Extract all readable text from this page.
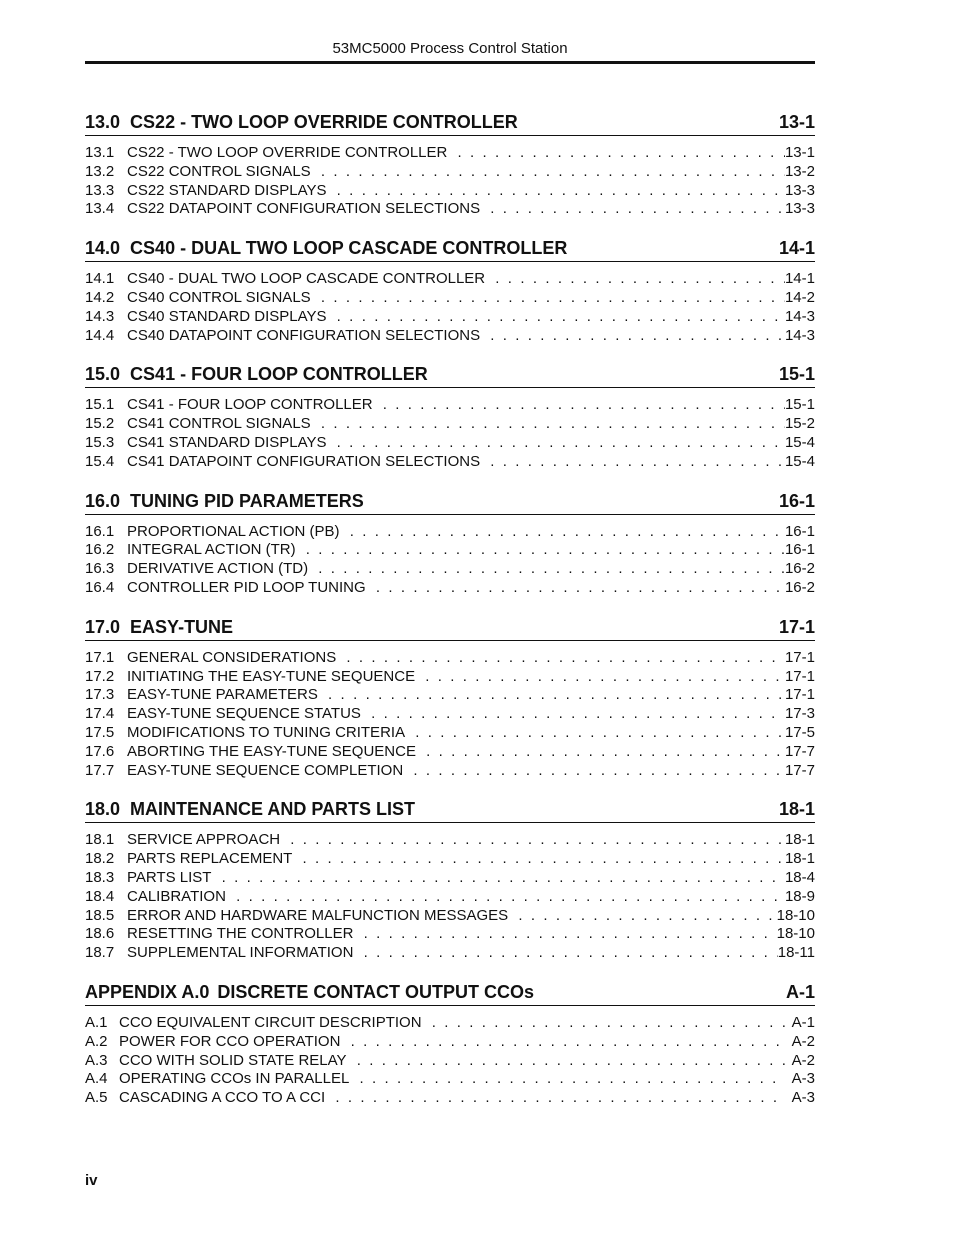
53MC5000 Process Control Station
13.0 CS22 - TWO LOOP OVERRIDE CONTROLLER	13-1
13.1 CS22 - TWO LOOP OVERRIDE CONTROLLER . .	13-1
13.2 CS22 CONTROL SIGNALS . .	13-2
13.3 CS22 STANDARD DISPLAYS . .	13-3
13.4 CS22 DATAPOINT CONFIGURATION SELECTIONS . .	13-3
14.0 CS40 - DUAL TWO LOOP CASCADE CONTROLLER	14-1
14.1 CS40 - DUAL TWO LOOP CASCADE CONTROLLER . .	14-1
14.2 CS40 CONTROL SIGNALS . .	14-2
14.3 CS40 STANDARD DISPLAYS . .	14-3
14.4 CS40 DATAPOINT CONFIGURATION SELECTIONS . .	14-3
15.0 CS41 - FOUR LOOP CONTROLLER	15-1
15.1 CS41 - FOUR LOOP CONTROLLER . .	15-1
15.2 CS41 CONTROL SIGNALS . .	15-2
15.3 CS41 STANDARD DISPLAYS . .	15-4
15.4 CS41 DATAPOINT CONFIGURATION SELECTIONS . .	15-4
16.0 TUNING PID PARAMETERS	16-1
16.1 PROPORTIONAL ACTION (PB) . .	16-1
16.2 INTEGRAL ACTION (TR) . .	16-1
16.3 DERIVATIVE ACTION (TD) . .	16-2
16.4 CONTROLLER PID LOOP TUNING . .	16-2
17.0 EASY-TUNE	17-1
17.1 GENERAL CONSIDERATIONS . .	17-1
17.2 INITIATING THE EASY-TUNE SEQUENCE . .	17-1
17.3 EASY-TUNE PARAMETERS . .	17-1
17.4 EASY-TUNE SEQUENCE STATUS . .	17-3
17.5 MODIFICATIONS TO TUNING CRITERIA . .	17-5
17.6 ABORTING THE EASY-TUNE SEQUENCE . .	17-7
17.7 EASY-TUNE SEQUENCE COMPLETION . .	17-7
18.0 MAINTENANCE AND PARTS LIST	18-1
18.1 SERVICE APPROACH . .	18-1
18.2 PARTS REPLACEMENT . .	18-1
18.3 PARTS LIST . .	18-4
18.4 CALIBRATION . .	18-9
18.5 ERROR AND HARDWARE MALFUNCTION MESSAGES . .	18-10
18.6 RESETTING THE CONTROLLER . .	18-10
18.7 SUPPLEMENTAL INFORMATION . .	18-11
APPENDIX A.0 DISCRETE CONTACT OUTPUT CCOs	A-1
A.1 CCO EQUIVALENT CIRCUIT DESCRIPTION . .	A-1
A.2 POWER FOR CCO OPERATION . .	A-2
A.3 CCO WITH SOLID STATE RELAY . .	A-2
A.4 OPERATING CCOs IN PARALLEL . .	A-3
A.5 CASCADING A CCO TO A CCI . .	A-3
iv
